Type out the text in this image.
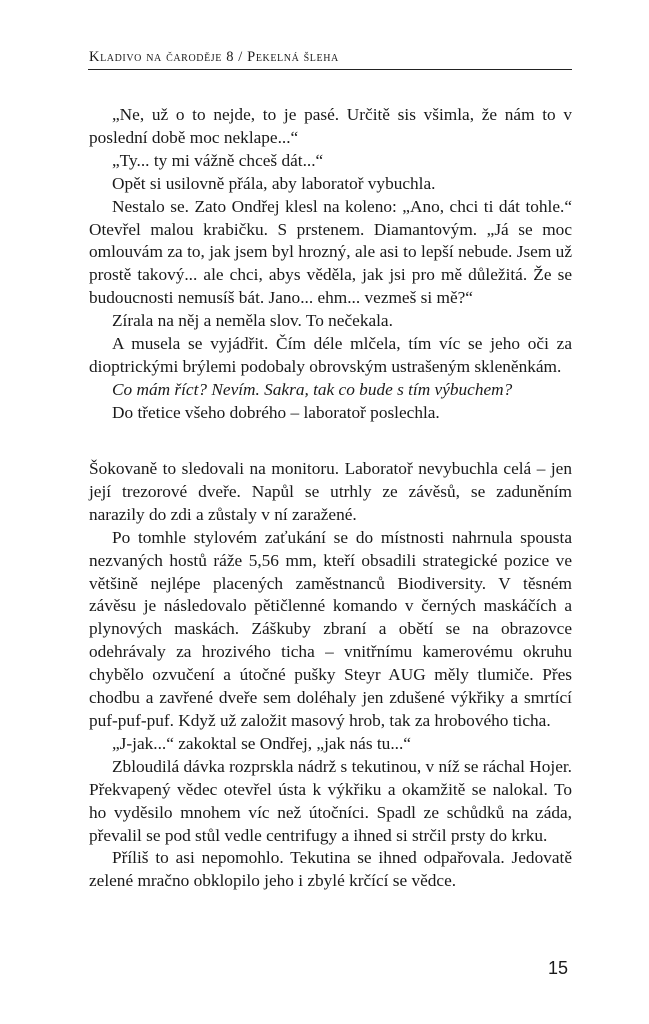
Kladivo na čaroděje 8 / Pekelná šleha

„Ne, už o to nejde, to je pasé. Určitě sis všimla, že nám to v poslední době moc neklape...“

„Ty... ty mi vážně chceš dát...“

Opět si usilovně přála, aby laboratoř vybuchla.

Nestalo se. Zato Ondřej klesl na koleno: „Ano, chci ti dát tohle.“ Otevřel malou krabičku. S prstenem. Diamantovým. „Já se moc omlouvám za to, jak jsem byl hrozný, ale asi to lepší nebude. Jsem už prostě takový... ale chci, abys věděla, jak jsi pro mě důležitá. Že se budoucnosti nemusíš bát. Jano... ehm... vezmeš si mě?“

Zírala na něj a neměla slov. To nečekala.

A musela se vyjádřit. Čím déle mlčela, tím víc se jeho oči za dioptrickými brýlemi podobaly obrovským ustrašeným skleněnkám.

Co mám říct? Nevím. Sakra, tak co bude s tím výbuchem?

Do třetice všeho dobrého – laboratoř poslechla.

Šokovaně to sledovali na monitoru. Laboratoř nevybuchla celá – jen její trezorové dveře. Napůl se utrhly ze závěsů, se zaduněním narazily do zdi a zůstaly v ní zaražené.

Po tomhle stylovém zaťukání se do místnosti nahrnula spousta nezvaných hostů ráže 5,56 mm, kteří obsadili strategické pozice ve většině nejlépe placených zaměstnanců Biodiversity. V těsném závěsu je následovalo pětičlenné komando v černých maskáčích a plynových maskách. Záškuby zbraní a obětí se na obrazovce odehrávaly za hrozivého ticha – vnitřnímu kamerovému okruhu chybělo ozvučení a útočné pušky Steyr AUG měly tlumiče. Přes chodbu a zavřené dveře sem doléhaly jen zdušené výkřiky a smrtící puf-puf-puf. Když už založit masový hrob, tak za hrobového ticha.

„J-jak...“ zakoktal se Ondřej, „jak nás tu...“

Zbloudilá dávka rozprskla nádrž s tekutinou, v níž se ráchal Hojer. Překvapený vědec otevřel ústa k výkřiku a okamžitě se nalokal. To ho vyděsilo mnohem víc než útočníci. Spadl ze schůdků na záda, převalil se pod stůl vedle centrifugy a ihned si strčil prsty do krku.

Příliš to asi nepomohlo. Tekutina se ihned odpařovala. Jedovatě zelené mračno obklopilo jeho i zbylé krčící se vědce.

15
